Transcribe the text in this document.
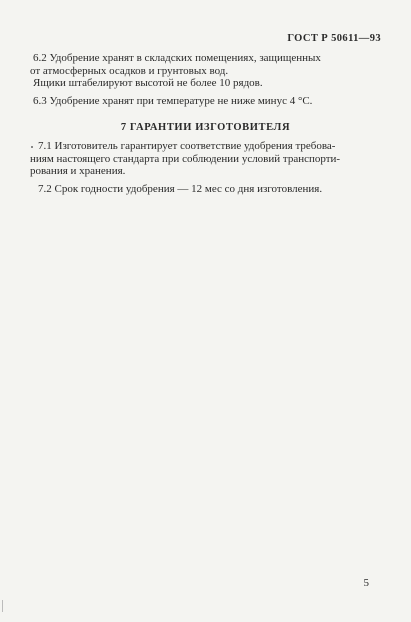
ГОСТ Р 50611—93
6.2 Удобрение хранят в складских помещениях, защищенных
от атмосферных осадков и грунтовых вод.
Ящики штабелируют высотой не более 10 рядов.
6.3 Удобрение хранят при температуре не ниже минус 4 °С.
7 ГАРАНТИИ ИЗГОТОВИТЕЛЯ
7.1 Изготовитель гарантирует соответствие удобрения требова-
ниям настоящего стандарта при соблюдении условий транспорти-
рования и хранения.
7.2 Срок годности удобрения — 12 мес со дня изготовления.
5
